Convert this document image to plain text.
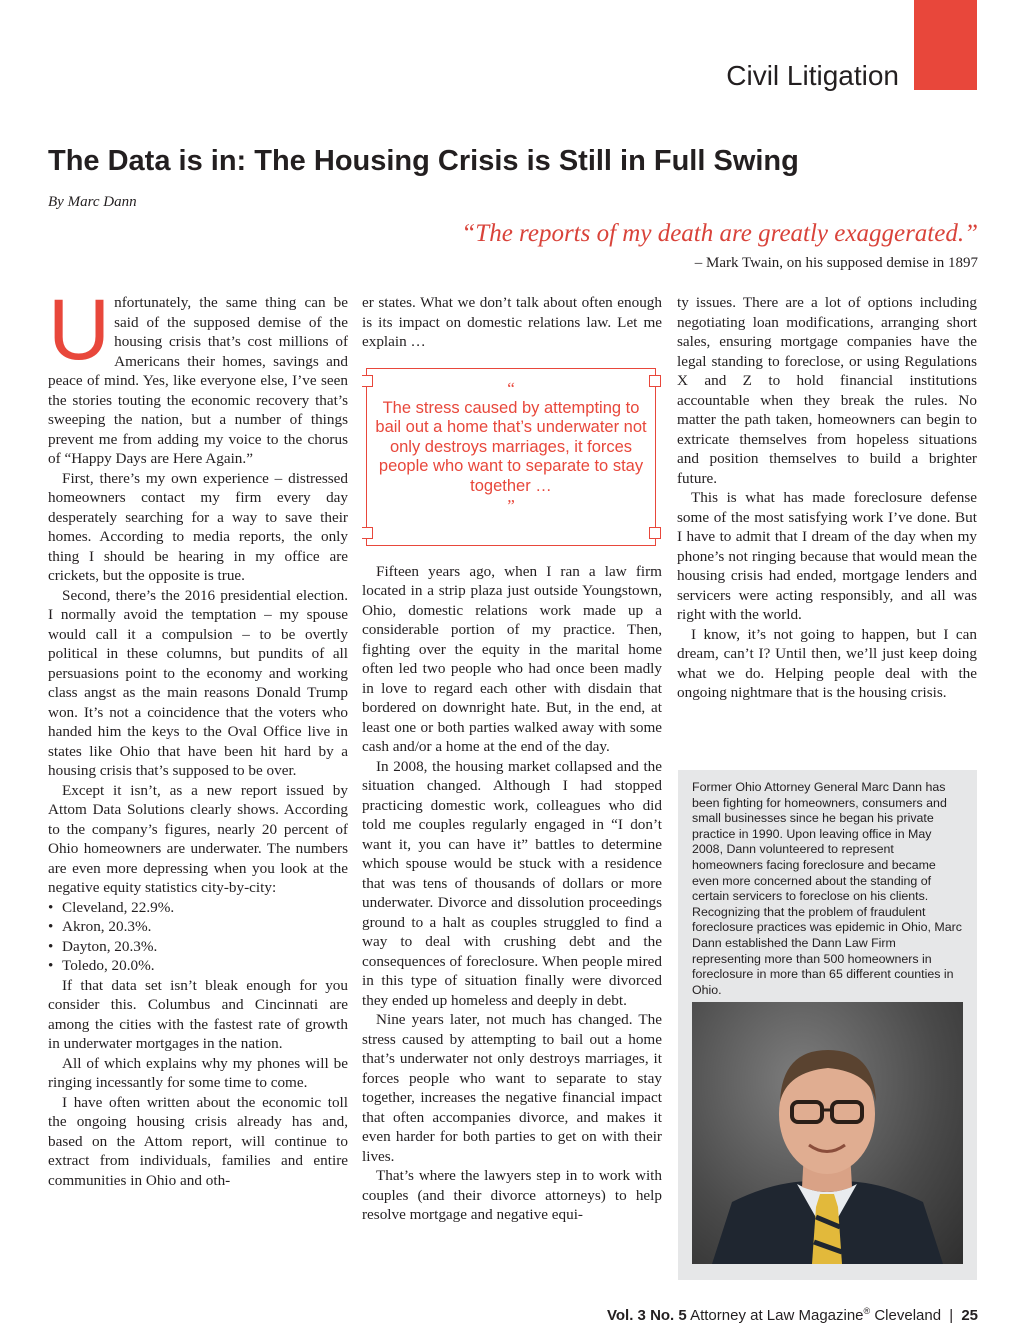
Civil Litigation
The Data is in: The Housing Crisis is Still in Full Swing
By Marc Dann
“The reports of my death are greatly exaggerated.”
– Mark Twain, on his supposed demise in 1897
U nfortunately, the same thing can be said of the supposed demise of the housing crisis that’s cost millions of Americans their homes, savings and peace of mind. Yes, like everyone else, I’ve seen the stories touting the economic recovery that’s sweeping the nation, but a number of things prevent me from adding my voice to the chorus of “Happy Days are Here Again.”

First, there’s my own experience – distressed homeowners contact my firm every day desperately searching for a way to save their homes. According to media reports, the only thing I should be hearing in my office are crickets, but the opposite is true.

Second, there’s the 2016 presidential election. I normally avoid the temptation – my spouse would call it a compulsion – to be overtly political in these columns, but pundits of all persuasions point to the economy and working class angst as the main reasons Donald Trump won. It’s not a coincidence that the voters who handed him the keys to the Oval Office live in states like Ohio that have been hit hard by a housing crisis that’s supposed to be over.

Except it isn’t, as a new report issued by Attom Data Solutions clearly shows. According to the company’s figures, nearly 20 percent of Ohio homeowners are underwater. The numbers are even more depressing when you look at the negative equity statistics city-by-city:

• Cleveland, 22.9%.
• Akron, 20.3%.
• Dayton, 20.3%.
• Toledo, 20.0%.

If that data set isn’t bleak enough for you consider this. Columbus and Cincinnati are among the cities with the fastest rate of growth in underwater mortgages in the nation.

All of which explains why my phones will be ringing incessantly for some time to come.

I have often written about the economic toll the ongoing housing crisis already has and, based on the Attom report, will continue to extract from individuals, families and entire communities in Ohio and oth-

er states. What we don’t talk about often enough is its impact on domestic relations law. Let me explain …

“
The stress caused by attempting to bail out a home that’s underwater not only destroys marriages, it forces people who want to separate to stay together …
”

Fifteen years ago, when I ran a law firm located in a strip plaza just outside Youngstown, Ohio, domestic relations work made up a considerable portion of my practice. Then, fighting over the equity in the marital home often led two people who had once been madly in love to regard each other with disdain that bordered on downright hate. But, in the end, at least one or both parties walked away with some cash and/or a home at the end of the day.

In 2008, the housing market collapsed and the situation changed. Although I had stopped practicing domestic work, colleagues who did told me couples regularly engaged in “I don’t want it, you can have it” battles to determine which spouse would be stuck with a residence that was tens of thousands of dollars or more underwater. Divorce and dissolution proceedings ground to a halt as couples struggled to find a way to deal with crushing debt and the consequences of foreclosure. When people mired in this type of situation finally were divorced they ended up homeless and deeply in debt.

Nine years later, not much has changed. The stress caused by attempting to bail out a home that’s underwater not only destroys marriages, it forces people who want to separate to stay together, increases the negative financial impact that often accompanies divorce, and makes it even harder for both parties to get on with their lives.

That’s where the lawyers step in to work with couples (and their divorce attorneys) to help resolve mortgage and negative equi-

ty issues. There are a lot of options including negotiating loan modifications, arranging short sales, ensuring mortgage companies have the legal standing to foreclose, or using Regulations X and Z to hold financial institutions accountable when they break the rules. No matter the path taken, homeowners can begin to extricate themselves from hopeless situations and position themselves to build a brighter future.

This is what has made foreclosure defense some of the most satisfying work I’ve done. But I have to admit that I dream of the day when my phone’s not ringing because that would mean the housing crisis had ended, mortgage lenders and servicers were acting responsibly, and all was right with the world.

I know, it’s not going to happen, but I can dream, can’t I? Until then, we’ll just keep doing what we do. Helping people deal with the ongoing nightmare that is the housing crisis.

Former Ohio Attorney General Marc Dann has been fighting for homeowners, consumers and small businesses since he began his private practice in 1990. Upon leaving office in May 2008, Dann volunteered to represent homeowners facing foreclosure and became even more concerned about the standing of certain servicers to foreclose on his clients. Recognizing that the problem of fraudulent foreclosure practices was epidemic in Ohio, Marc Dann established the Dann Law Firm representing more than 500 homeowners in foreclosure in more than 65 different counties in Ohio.
Vol. 3 No. 5 Attorney at Law Magazine® Cleveland | 25
